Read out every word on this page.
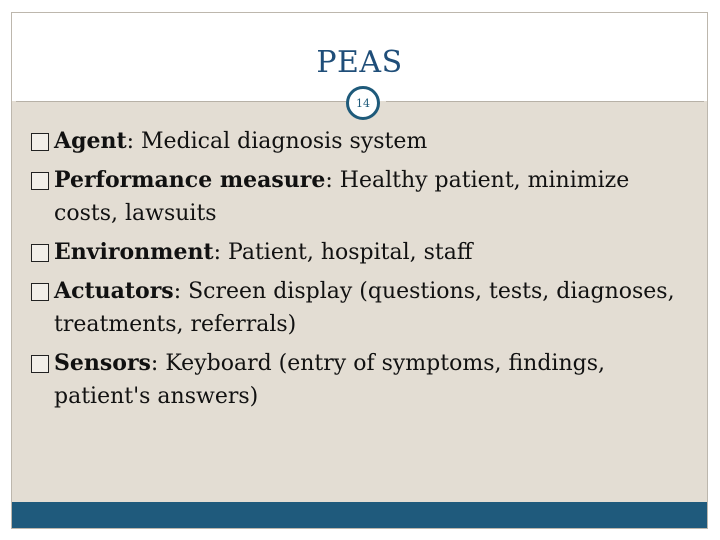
PEAS
14
Agent: Medical diagnosis system
Performance measure: Healthy patient, minimize costs, lawsuits
Environment: Patient, hospital, staff
Actuators: Screen display (questions, tests, diagnoses, treatments, referrals)
Sensors: Keyboard (entry of symptoms, findings, patient's answers)
